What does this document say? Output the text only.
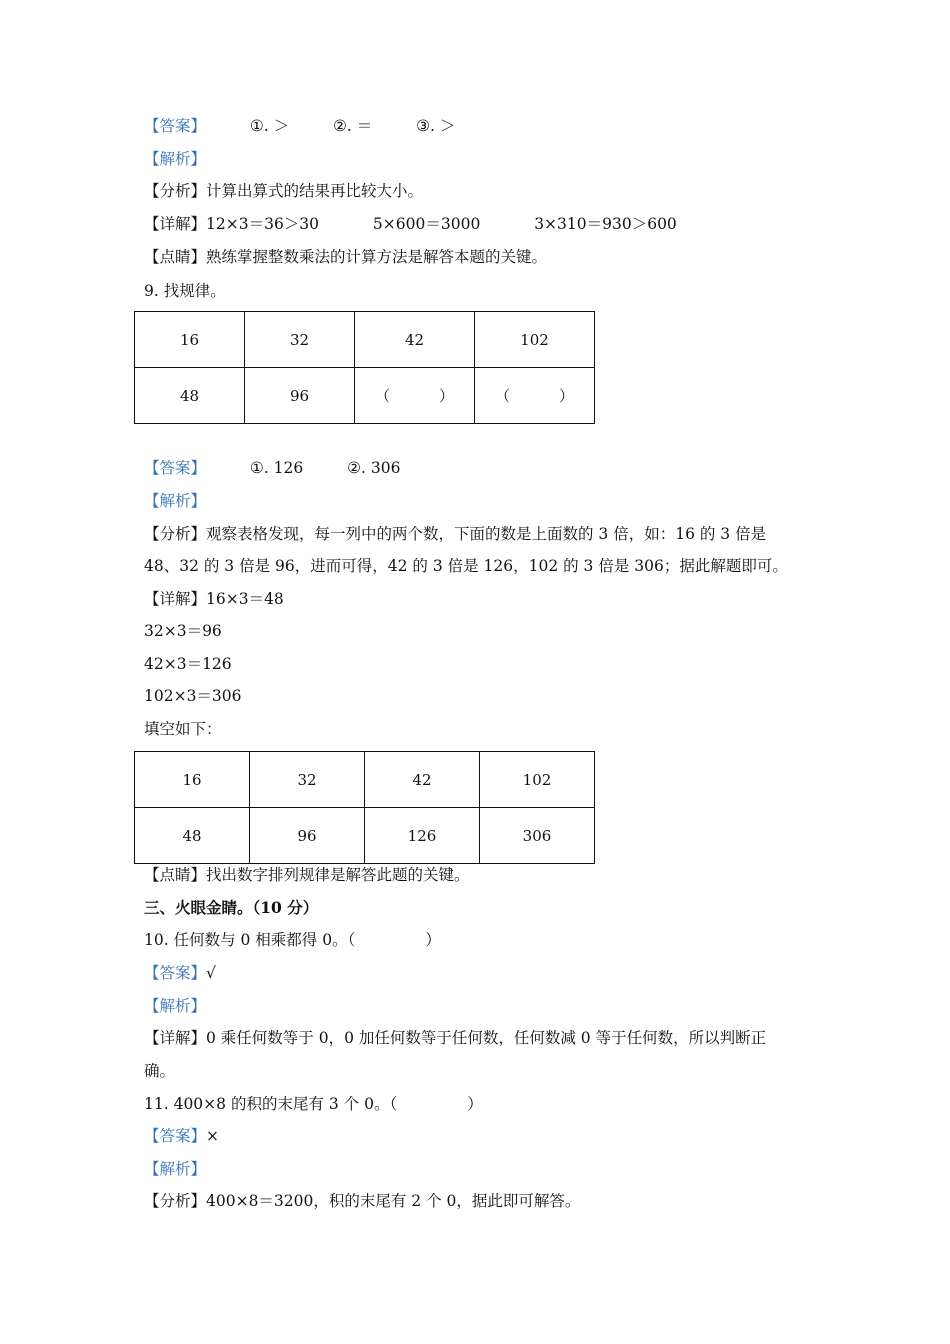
【答案】	①. ＞	②. ＝	③. ＞
【解析】
【分析】计算出算式的结果再比较大小。
【详解】12×3＝36＞30	5×600＝3000	3×310＝930＞600
【点睛】熟练掌握整数乘法的计算方法是解答本题的关键。
9. 找规律。
16	32	42	102
48	96	（ ）	（ ）
【答案】	①. 126	②. 306
【解析】
【分析】观察表格发现，每一列中的两个数，下面的数是上面数的 3 倍，如：16 的 3 倍是
48、32 的 3 倍是 96，进而可得，42 的 3 倍是 126，102 的 3 倍是 306；据此解题即可。
【详解】16×3＝48
32×3＝96
42×3＝126
102×3＝306
填空如下：
16	32	42	102
48	96	126	306
【点睛】找出数字排列规律是解答此题的关键。
三、火眼金睛。（10 分）
10. 任何数与 0 相乘都得 0。（	）
【答案】√
【解析】
【详解】0 乘任何数等于 0，0 加任何数等于任何数，任何数减 0 等于任何数，所以判断正
确。
11. 400×8 的积的末尾有 3 个 0。（	）
【答案】×
【解析】
【分析】400×8＝3200，积的末尾有 2 个 0，据此即可解答。
